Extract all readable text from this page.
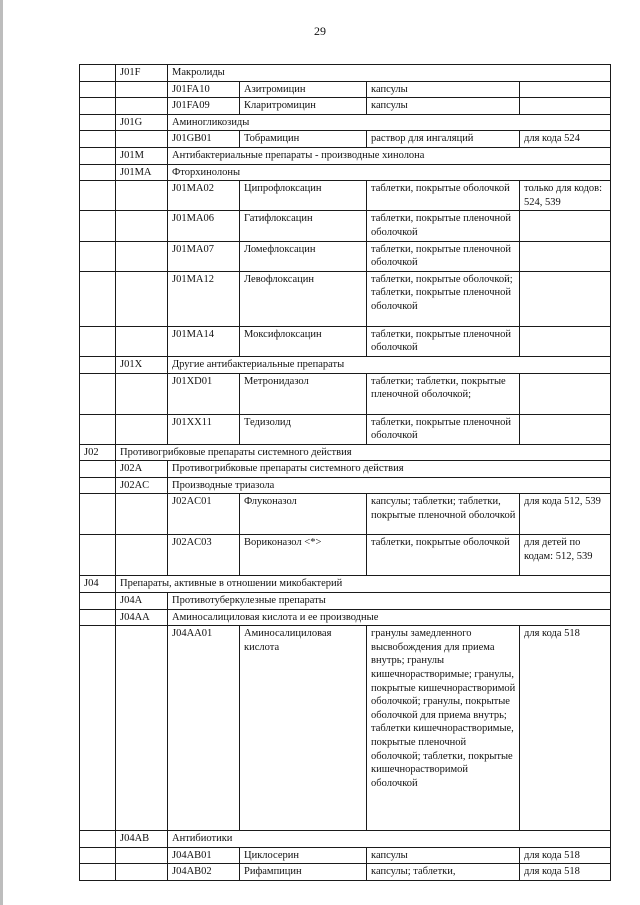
29
	J01F	Макролиды			
		J01FA10	Азитромицин	капсулы	
		J01FA09	Кларитромицин	капсулы	
	J01G	Аминогликозиды			
		J01GB01	Тобрамицин	раствор для ингаляций	для кода 524
	J01M	Антибактериальные препараты - производные хинолона			
	J01MA	Фторхинолоны			
		J01MA02	Ципрофлоксацин	таблетки, покрытые оболочкой	только для кодов: 524, 539
		J01MA06	Гатифлоксацин	таблетки, покрытые пленочной оболочкой	
		J01MA07	Ломефлоксацин	таблетки, покрытые пленочной оболочкой	
		J01MA12	Левофлоксацин	таблетки, покрытые оболочкой; таблетки, покрытые пленочной оболочкой	
		J01MA14	Моксифлоксацин	таблетки, покрытые пленочной оболочкой	
	J01X	Другие антибактериальные препараты			
		J01XD01	Метронидазол	таблетки; таблетки, покрытые пленочной оболочкой;	
		J01XX11	Тедизолид	таблетки, покрытые пленочной оболочкой	
J02	Противогрибковые препараты системного действия				
	J02A	Противогрибковые препараты системного действия			
	J02AC	Производные триазола			
		J02AC01	Флуконазол	капсулы; таблетки; таблетки, покрытые пленочной оболочкой	для кода 512, 539
		J02AC03	Вориконазол <*>	таблетки, покрытые оболочкой	для детей по кодам: 512, 539
J04	Препараты, активные в отношении микобактерий				
	J04A	Противотуберкулезные препараты			
	J04AA	Аминосалициловая кислота и ее производные			
		J04AA01	Аминосалициловая кислота	гранулы замедленного высвобождения для приема внутрь; гранулы кишечнорастворимые; гранулы, покрытые кишечнорастворимой оболочкой; гранулы, покрытые оболочкой для приема внутрь; таблетки кишечнорастворимые, покрытые пленочной оболочкой; таблетки, покрытые кишечнорастворимой оболочкой	для кода 518
	J04AB	Антибиотики			
		J04AB01	Циклосерин	капсулы	для кода 518
		J04AB02	Рифампицин	капсулы; таблетки,	для кода 518
